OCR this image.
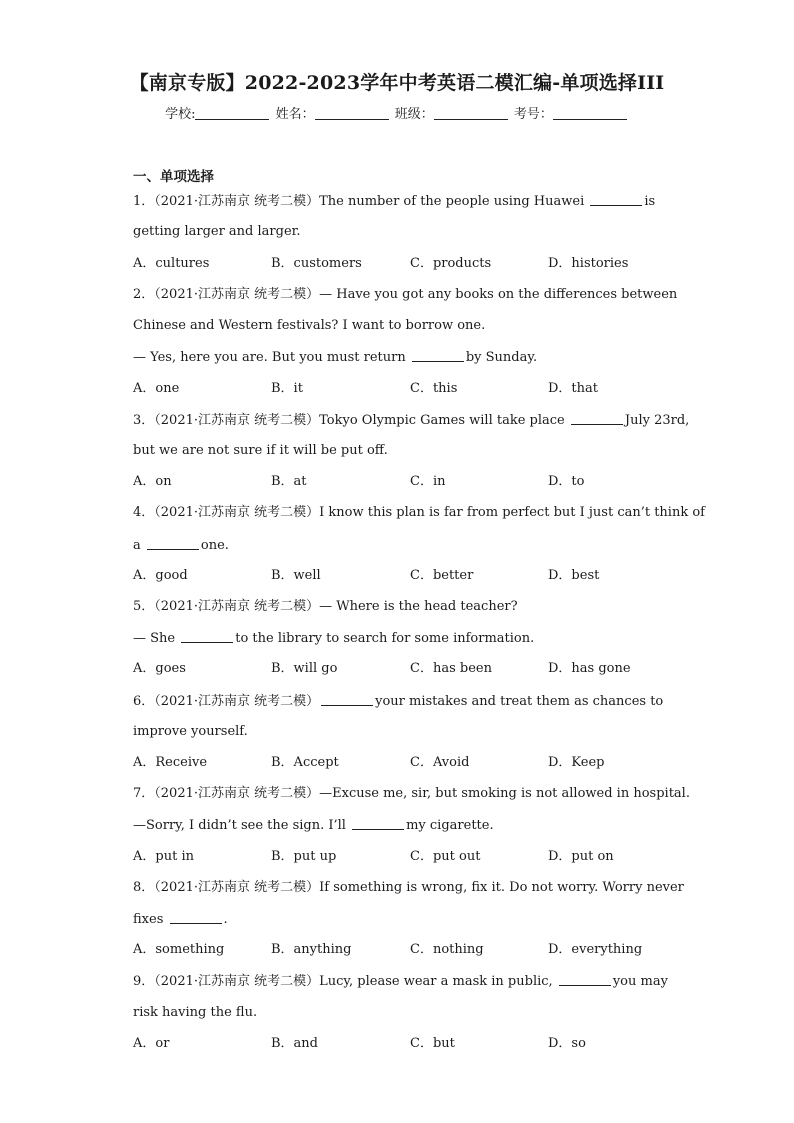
【南京专版】2022-2023学年中考英语二模汇编-单项选择III
学校:	姓名：	班级：	考号：
一、单项选择
1．（2021·江苏南京 统考二模）The number of the people using Huawei	is
getting larger and larger.
A．cultures	B．customers	C．products	D．histories
2．（2021·江苏南京 统考二模）— Have you got any books on the differences between
Chinese and Western festivals? I want to borrow one.
— Yes, here you are. But you must return	by Sunday.
A．one	B．it	C．this	D．that
3．（2021·江苏南京 统考二模）Tokyo Olympic Games will take place	July 23rd,
but we are not sure if it will be put off.
A．on	B．at	C．in	D．to
4．（2021·江苏南京 统考二模）I know this plan is far from perfect but I just can’t think of
a	one.
A．good	B．well	C．better	D．best
5．（2021·江苏南京 统考二模）— Where is the head teacher?
— She	to the library to search for some information.
A．goes	B．will go	C．has been	D．has gone
6．（2021·江苏南京 统考二模）	your mistakes and treat them as chances to
improve yourself.
A．Receive	B．Accept	C．Avoid	D．Keep
7．（2021·江苏南京 统考二模）—Excuse me, sir, but smoking is not allowed in hospital.
—Sorry, I didn’t see the sign. I’ll	my cigarette.
A．put in	B．put up	C．put out	D．put on
8．（2021·江苏南京 统考二模）If something is wrong, fix it. Do not worry. Worry never
fixes	.
A．something	B．anything	C．nothing	D．everything
9．（2021·江苏南京 统考二模）Lucy, please wear a mask in public,	you may
risk having the flu.
A．or	B．and	C．but	D．so
